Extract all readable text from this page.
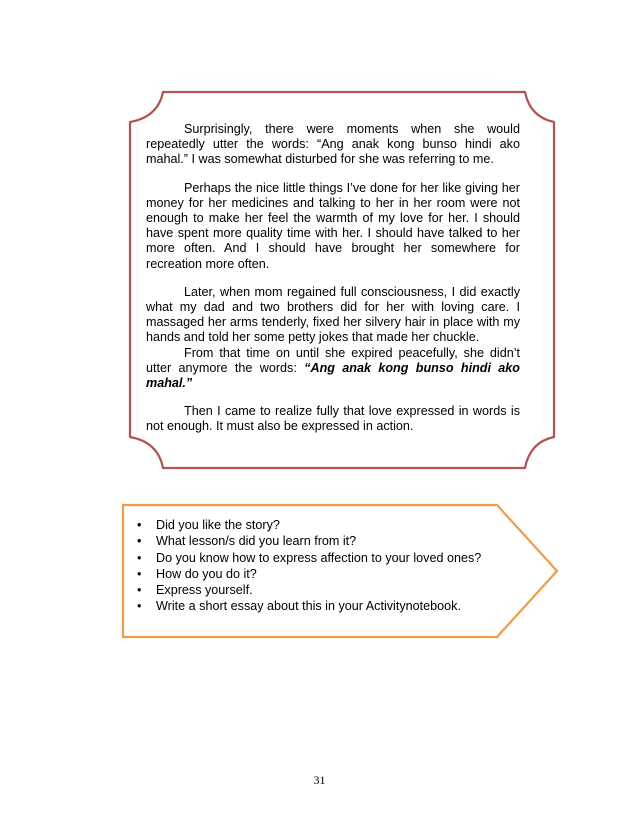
Surprisingly, there were moments when she would repeatedly utter the words: “Ang anak kong bunso hindi ako mahal.” I was somewhat disturbed for she was referring to me.

Perhaps the nice little things I’ve done for her like giving her money for her medicines and talking to her in her room were not enough to make her feel the warmth of my love for her. I should have spent more quality time with her. I should have talked to her more often. And I should have brought her somewhere for recreation more often.

Later, when mom regained full consciousness, I did exactly what my dad and two brothers did for her with loving care. I massaged her arms tenderly, fixed her silvery hair in place with my hands and told her some petty jokes that made her chuckle.

From that time on until she expired peacefully, she didn’t utter anymore the words: “Ang anak kong bunso hindi ako mahal.”

Then I came to realize fully that love expressed in words is not enough. It must also be expressed in action.

• Did you like the story?
• What lesson/s did you learn from it?
• Do you know how to express affection to your loved ones?
• How do you do it?
• Express yourself.
• Write a short essay about this in your Activitynotebook.
31
